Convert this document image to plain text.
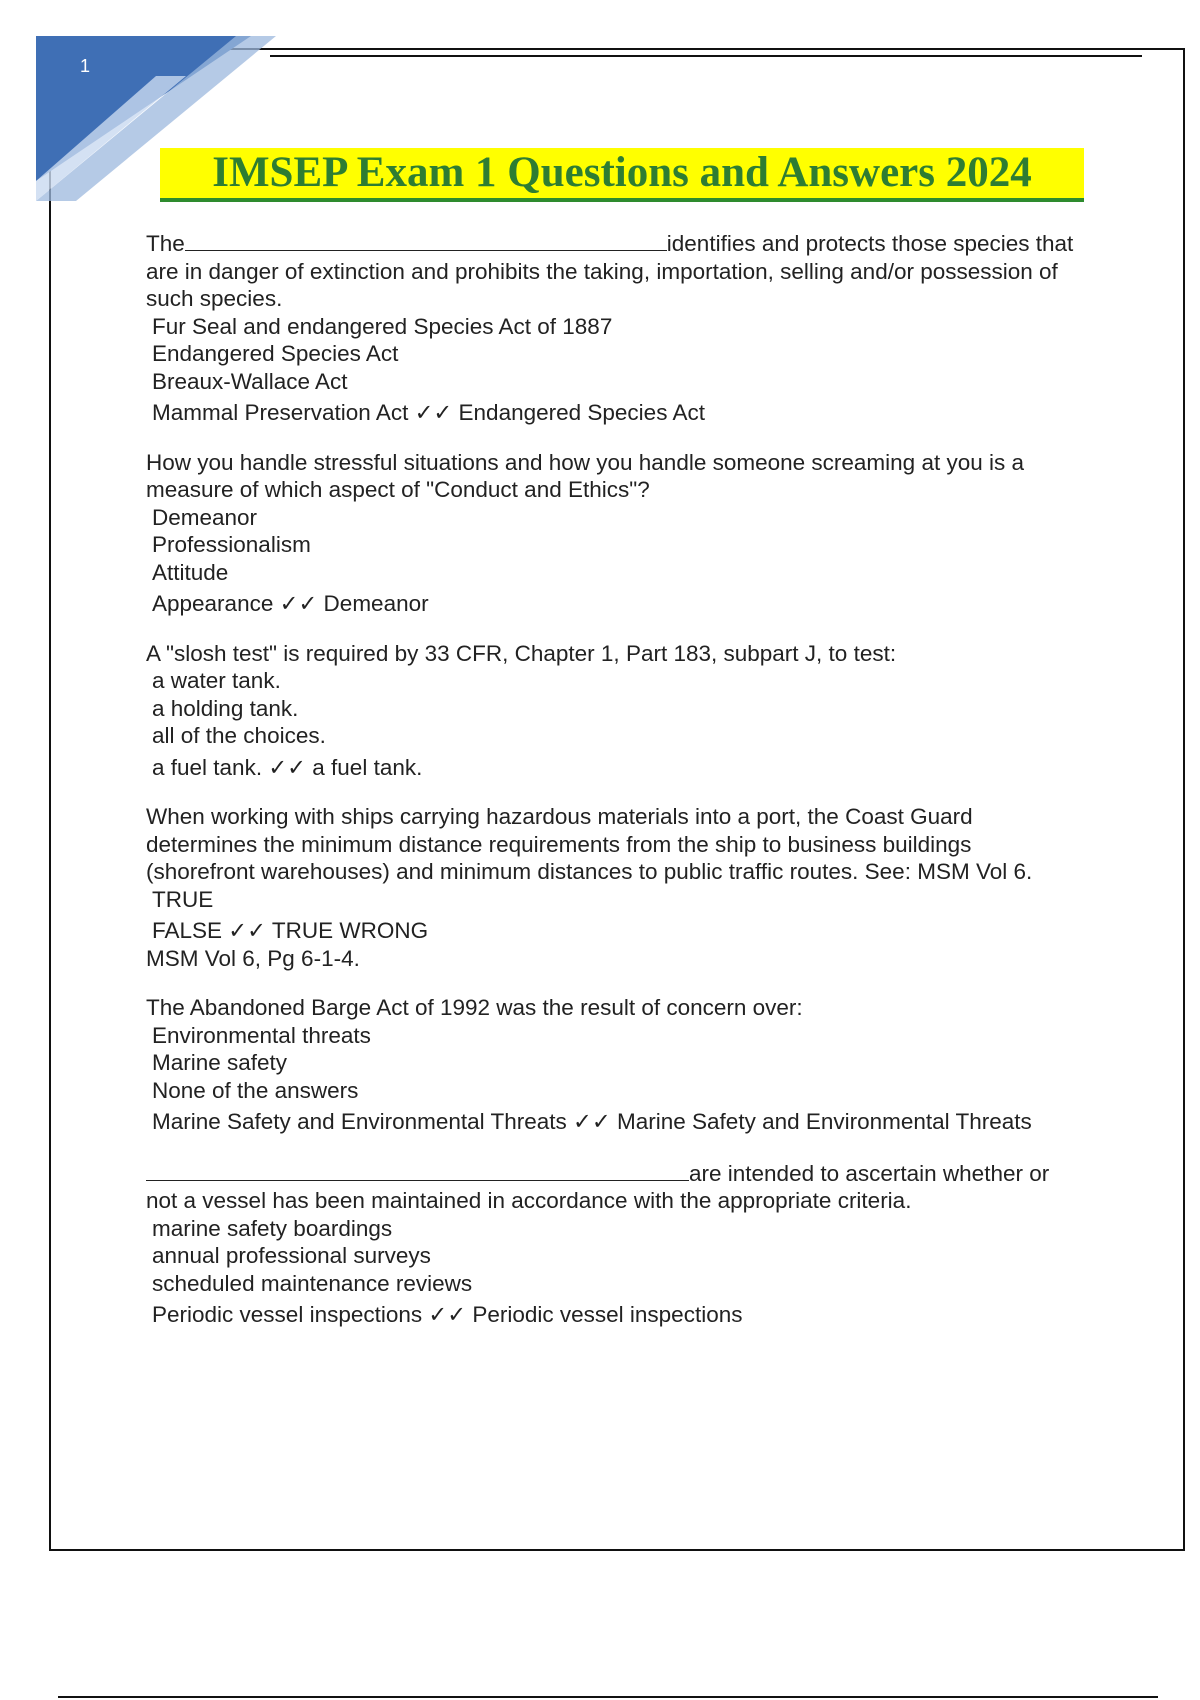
1
IMSEP Exam 1 Questions and Answers 2024
The	identifies and protects those species that are in danger of extinction and prohibits the taking, importation, selling and/or possession of such species.
Fur Seal and endangered Species Act of 1887
Endangered Species Act
Breaux-Wallace Act
Mammal Preservation Act ✓✓ Endangered Species Act
How you handle stressful situations and how you handle someone screaming at you is a measure of which aspect of "Conduct and Ethics"?
Demeanor
Professionalism
Attitude
Appearance ✓✓ Demeanor
A "slosh test" is required by 33 CFR, Chapter 1, Part 183, subpart J, to test:
a water tank.
a holding tank.
all of the choices.
a fuel tank. ✓✓ a fuel tank.
When working with ships carrying hazardous materials into a port, the Coast Guard determines the minimum distance requirements from the ship to business buildings (shorefront warehouses) and minimum distances to public traffic routes. See: MSM Vol 6.
TRUE
FALSE ✓✓ TRUE WRONG
MSM Vol 6, Pg 6-1-4.
The Abandoned Barge Act of 1992 was the result of concern over:
Environmental threats
Marine safety
None of the answers
Marine Safety and Environmental Threats ✓✓ Marine Safety and Environmental Threats
are intended to ascertain whether or not a vessel has been maintained in accordance with the appropriate criteria.
marine safety boardings
annual professional surveys
scheduled maintenance reviews
Periodic vessel inspections ✓✓ Periodic vessel inspections
